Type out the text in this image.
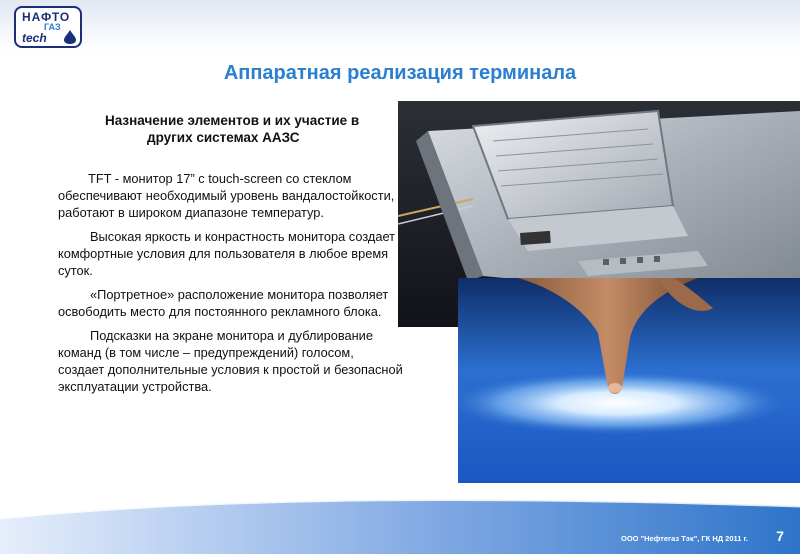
НАФТО
ГАЗ
tech
Аппаратная реализация терминала
Назначение элементов и их участие в
других системах ААЗС

TFT - монитор 17” с touch-screen со стеклом

обеспечивают необходимый уровень вандалостойкости, работают в широком диапазоне температур.

Высокая яркость и конрастность монитора создает комфортные условия для пользователя в любое время суток.

«Портретное» расположение монитора позволяет освободить место для постоянного рекламного блока.

Подсказки на экране монитора и дублирование команд (в том числе – предупреждений) голосом, создает дополнительные условия к простой и безопасной эксплуатации устройства.

ООО "Нефтегаз Тэк", ГК НД 2011 г. 7
